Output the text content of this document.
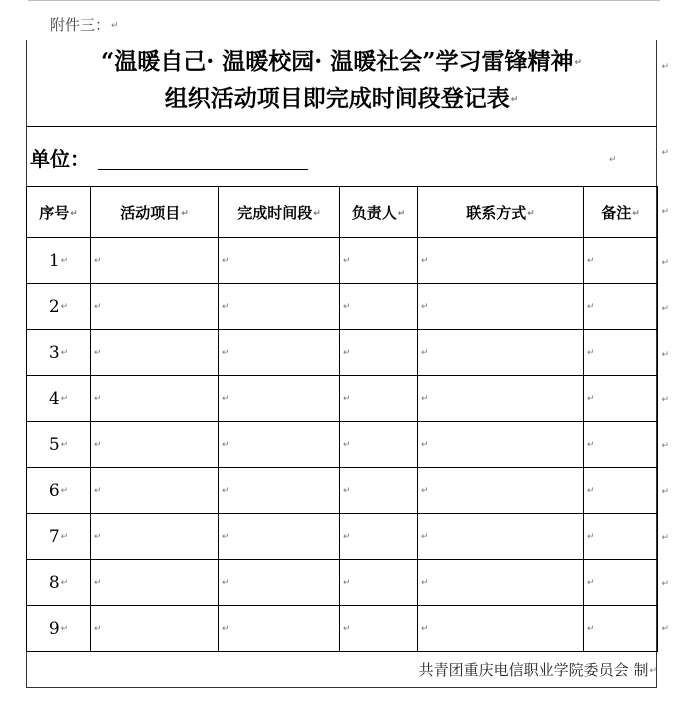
附件三：↵
“温暖自己· 温暖校园· 温暖社会”学习雷锋精神↵
组织活动项目即完成时间段登记表↵
单位：	↵
序号↵	活动项目↵	完成时间段↵	负责人↵	联系方式↵	备注↵
1↵	↵	↵	↵	↵	↵

2↵	↵	↵	↵	↵	↵

3↵	↵	↵	↵	↵	↵

4↵	↵	↵	↵	↵	↵

5↵	↵	↵	↵	↵	↵

6↵	↵	↵	↵	↵	↵

7↵	↵	↵	↵	↵	↵

8↵	↵	↵	↵	↵	↵

9↵	↵	↵	↵	↵	↵
共青团重庆电信职业学院委员会 制↵
↵
↵
↵
↵
↵
↵
↵
↵
↵
↵
↵
↵
